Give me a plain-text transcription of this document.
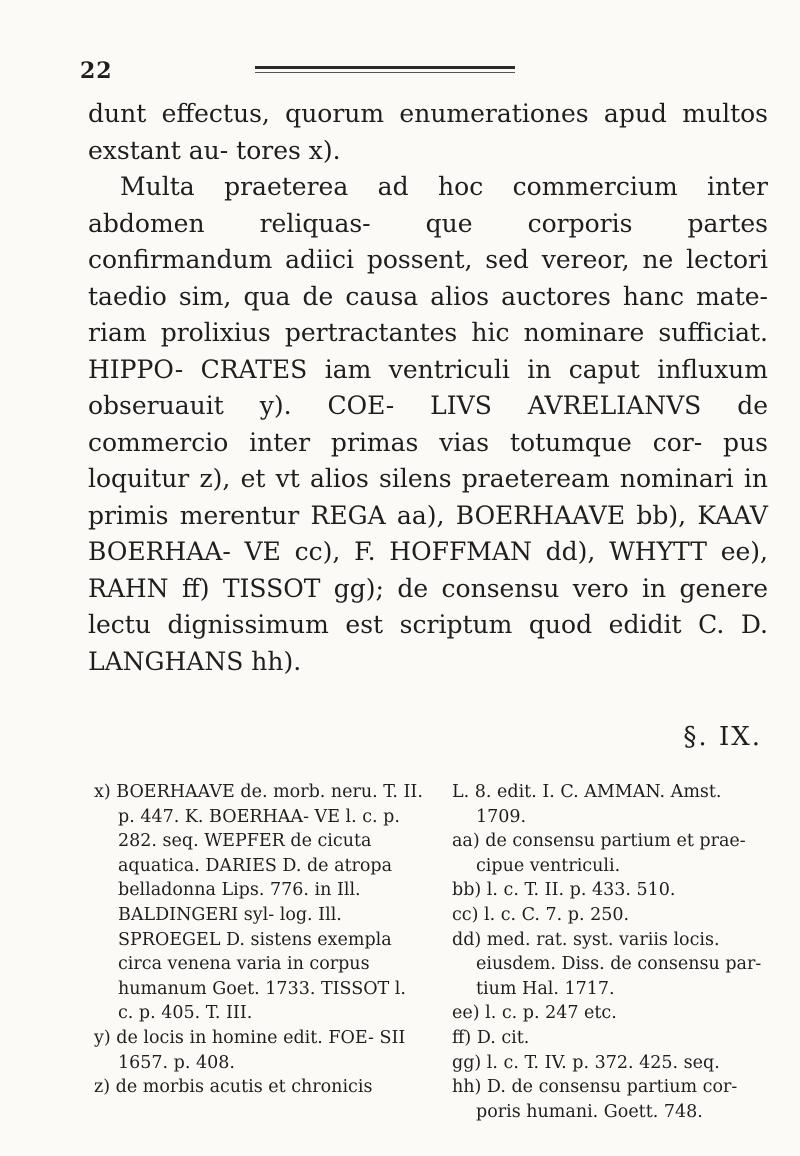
22

dunt effectus, quorum enumerationes apud multos exstant au- tores x).

Multa praeterea ad hoc commercium inter abdomen reliquas- que corporis partes confirmandum adiici possent, sed vereor, ne lectori taedio sim, qua de causa alios auctores hanc mate- riam prolixius pertractantes hic nominare sufficiat. HIPPO- CRATES iam ventriculi in caput influxum obseruauit y). COE- LIVS AVRELIANVS de commercio inter primas vias totumque cor- pus loquitur z), et vt alios silens praeteream nominari in primis merentur REGA aa), BOERHAAVE bb), KAAV BOERHAA- VE cc), F. HOFFMAN dd), WHYTT ee), RAHN ff) TISSOT gg); de consensu vero in genere lectu dignissimum est scriptum quod edidit C. D. LANGHANS hh).

§. IX.

x) BOERHAAVE de. morb. neru. T. II. p. 447. K. BOERHAA- VE l. c. p. 282. seq. WEPFER de cicuta aquatica. DARIES D. de atropa belladonna Lips. 776. in Ill. BALDINGERI syl- log. Ill. SPROEGEL D. sistens exempla circa venena varia in corpus humanum Goet. 1733. TISSOT l. c. p. 405. T. III.

y) de locis in homine edit. FOE- SII 1657. p. 408.

z) de morbis acutis et chronicis

L. 8. edit. I. C. AMMAN. Amst. 1709.

aa) de consensu partium et prae- cipue ventriculi.

bb) l. c. T. II. p. 433. 510.

cc) l. c. C. 7. p. 250.

dd) med. rat. syst. variis locis. eiusdem. Diss. de consensu par- tium Hal. 1717.

ee) l. c. p. 247 etc.

ff) D. cit.

gg) l. c. T. IV. p. 372. 425. seq.

hh) D. de consensu partium cor- poris humani. Goett. 748.
